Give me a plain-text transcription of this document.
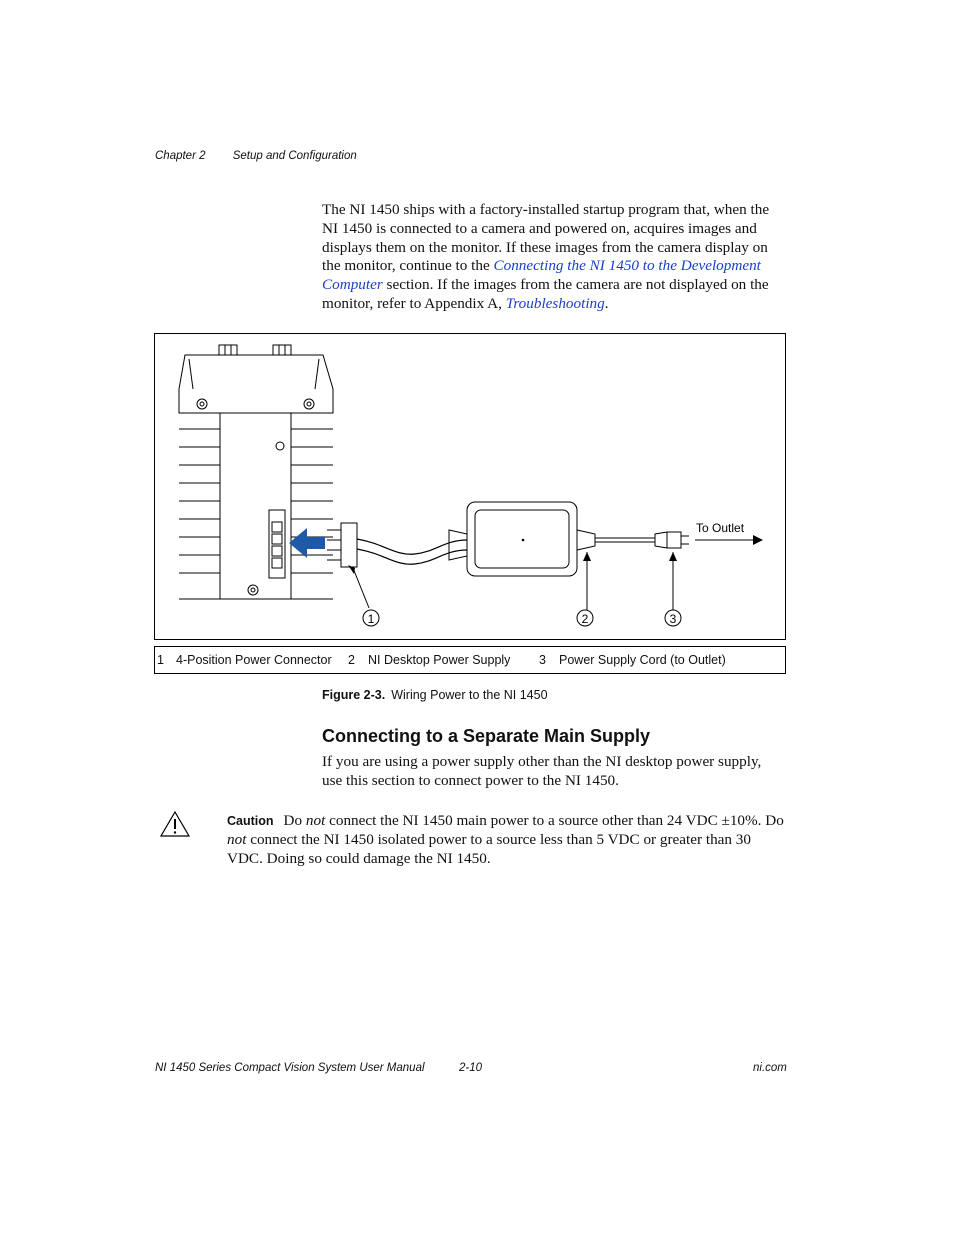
Chapter 2 Setup and Configuration
The NI 1450 ships with a factory-installed startup program that, when the NI 1450 is connected to a camera and powered on, acquires images and displays them on the monitor. If these images from the camera display on the monitor, continue to the Connecting the NI 1450 to the Development Computer section. If the images from the camera are not displayed on the monitor, refer to Appendix A, Troubleshooting.
To Outlet
1	2	3
1 4-Position Power Connector 2 NI Desktop Power Supply 3 Power Supply Cord (to Outlet)
Figure 2-3. Wiring Power to the NI 1450
Connecting to a Separate Main Supply
If you are using a power supply other than the NI desktop power supply, use this section to connect power to the NI 1450.
Caution Do not connect the NI 1450 main power to a source other than 24 VDC ±10%. Do not connect the NI 1450 isolated power to a source less than 5 VDC or greater than 30 VDC. Doing so could damage the NI 1450.
NI 1450 Series Compact Vision System User Manual	2-10	ni.com
